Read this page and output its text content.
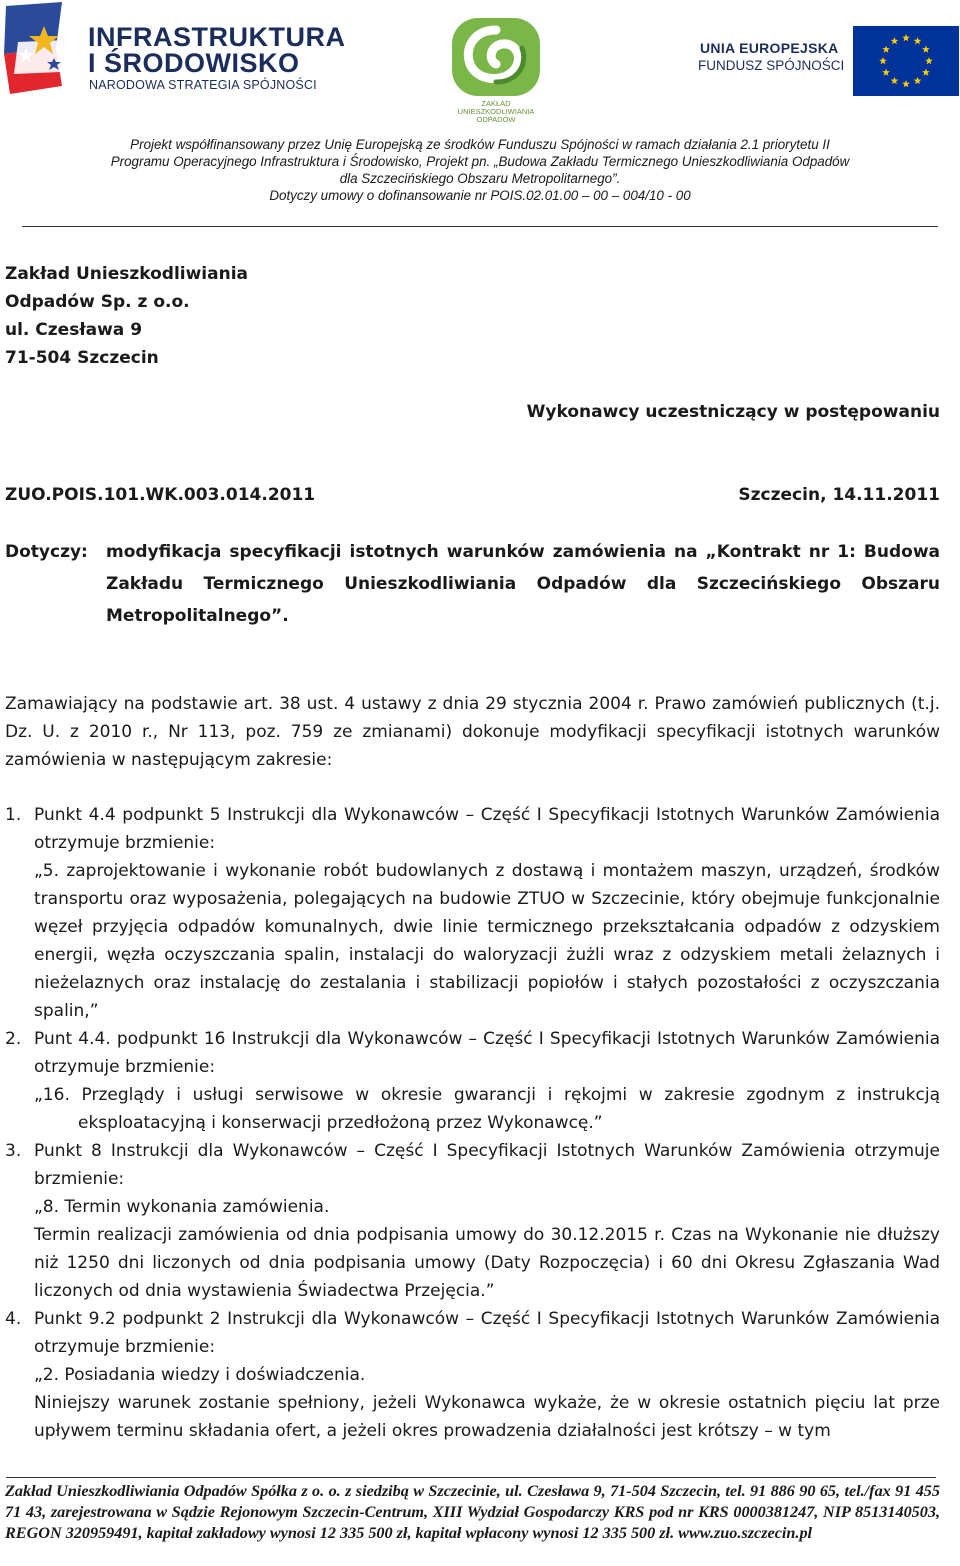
INFRASTRUKTURA
I ŚRODOWISKO
NARODOWA STRATEGIA SPÓJNOŚCI
ZAKŁAD
UNIESZKODLIWIANIA
ODPADÓW
UNIA EUROPEJSKA
FUNDUSZ SPÓJNOŚCI
Projekt współfinansowany przez Unię Europejską ze środków Funduszu Spójności w ramach działania 2.1 priorytetu II
Programu Operacyjnego Infrastruktura i Środowisko, Projekt pn. „Budowa Zakładu Termicznego Unieszkodliwiania Odpadów
dla Szczecińskiego Obszaru Metropolitarnego”.
Dotyczy umowy o dofinansowanie nr POIS.02.01.00 – 00 – 004/10 - 00
Zakład Unieszkodliwiania
Odpadów Sp. z o.o.
ul. Czesława 9
71-504 Szczecin
Wykonawcy uczestniczący w postępowaniu
ZUO.POIS.101.WK.003.014.2011	Szczecin, 14.11.2011
Dotyczy: modyfikacja specyfikacji istotnych warunków zamówienia na „Kontrakt nr 1: Budowa Zakładu Termicznego Unieszkodliwiania Odpadów dla Szczecińskiego Obszaru Metropolitalnego”.
Zamawiający na podstawie art. 38 ust. 4 ustawy z dnia 29 stycznia 2004 r. Prawo zamówień publicznych (t.j. Dz. U. z 2010 r., Nr 113, poz. 759 ze zmianami) dokonuje modyfikacji specyfikacji istotnych warunków zamówienia w następującym zakresie:
1. Punkt 4.4 podpunkt 5 Instrukcji dla Wykonawców – Część I Specyfikacji Istotnych Warunków Zamówienia otrzymuje brzmienie:
„5. zaprojektowanie i wykonanie robót budowlanych z dostawą i montażem maszyn, urządzeń, środków transportu oraz wyposażenia, polegających na budowie ZTUO w Szczecinie, który obejmuje funkcjonalnie węzeł przyjęcia odpadów komunalnych, dwie linie termicznego przekształcania odpadów z odzyskiem energii, węzła oczyszczania spalin, instalacji do waloryzacji żużli wraz z odzyskiem metali żelaznych i nieżelaznych oraz instalację do zestalania i stabilizacji popiołów i stałych pozostałości z oczyszczania spalin,”
2. Punt 4.4. podpunkt 16 Instrukcji dla Wykonawców – Część I Specyfikacji Istotnych Warunków Zamówienia otrzymuje brzmienie:
„16. Przeglądy i usługi serwisowe w okresie gwarancji i rękojmi w zakresie zgodnym z instrukcją eksploatacyjną i konserwacji przedłożoną przez Wykonawcę.”
3. Punkt 8 Instrukcji dla Wykonawców – Część I Specyfikacji Istotnych Warunków Zamówienia otrzymuje brzmienie:
„8. Termin wykonania zamówienia.
Termin realizacji zamówienia od dnia podpisania umowy do 30.12.2015 r. Czas na Wykonanie nie dłuższy niż 1250 dni liczonych od dnia podpisania umowy (Daty Rozpoczęcia) i 60 dni Okresu Zgłaszania Wad liczonych od dnia wystawienia Świadectwa Przejęcia.”
4. Punkt 9.2 podpunkt 2 Instrukcji dla Wykonawców – Część I Specyfikacji Istotnych Warunków Zamówienia otrzymuje brzmienie:
„2. Posiadania wiedzy i doświadczenia.
Niniejszy warunek zostanie spełniony, jeżeli Wykonawca wykaże, że w okresie ostatnich pięciu lat prze upływem terminu składania ofert, a jeżeli okres prowadzenia działalności jest krótszy – w tym
Zakład Unieszkodliwiania Odpadów Spółka z o. o. z siedzibą w Szczecinie, ul. Czesława 9, 71-504 Szczecin, tel. 91 886 90 65, tel./fax 91 455 71 43, zarejestrowana w Sądzie Rejonowym Szczecin-Centrum, XIII Wydział Gospodarczy KRS pod nr KRS 0000381247, NIP 8513140503, REGON 320959491, kapitał zakładowy wynosi 12 335 500 zł, kapitał wpłacony wynosi 12 335 500 zł. www.zuo.szczecin.pl
